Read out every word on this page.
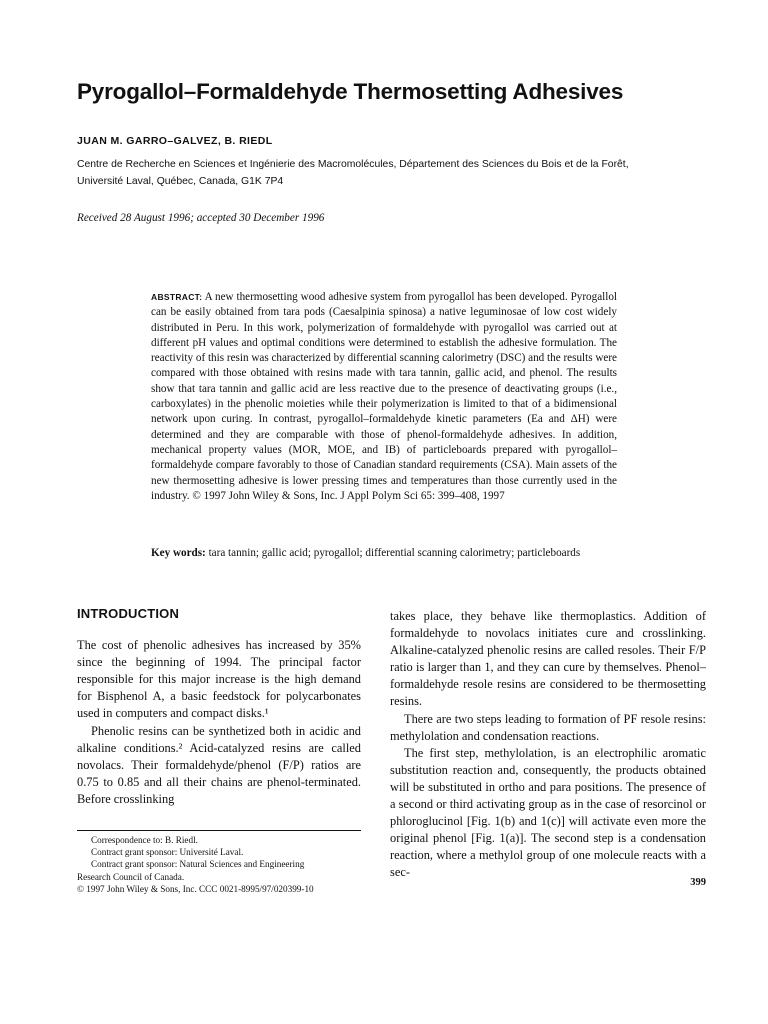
Pyrogallol–Formaldehyde Thermosetting Adhesives
JUAN M. GARRO–GALVEZ, B. RIEDL
Centre de Recherche en Sciences et Ingénierie des Macromolécules, Département des Sciences du Bois et de la Forêt,
Université Laval, Québec, Canada, G1K 7P4
Received 28 August 1996; accepted 30 December 1996
ABSTRACT: A new thermosetting wood adhesive system from pyrogallol has been developed. Pyrogallol can be easily obtained from tara pods (Caesalpinia spinosa) a native leguminosae of low cost widely distributed in Peru. In this work, polymerization of formaldehyde with pyrogallol was carried out at different pH values and optimal conditions were determined to establish the adhesive formulation. The reactivity of this resin was characterized by differential scanning calorimetry (DSC) and the results were compared with those obtained with resins made with tara tannin, gallic acid, and phenol. The results show that tara tannin and gallic acid are less reactive due to the presence of deactivating groups (i.e., carboxylates) in the phenolic moieties while their polymerization is limited to that of a bidimensional network upon curing. In contrast, pyrogallol–formaldehyde kinetic parameters (Ea and ΔH) were determined and they are comparable with those of phenol-formaldehyde adhesives. In addition, mechanical property values (MOR, MOE, and IB) of particleboards prepared with pyrogallol–formaldehyde compare favorably to those of Canadian standard requirements (CSA). Main assets of the new thermosetting adhesive is lower pressing times and temperatures than those currently used in the industry. © 1997 John Wiley & Sons, Inc. J Appl Polym Sci 65: 399–408, 1997
Key words: tara tannin; gallic acid; pyrogallol; differential scanning calorimetry; particleboards
INTRODUCTION

The cost of phenolic adhesives has increased by 35% since the beginning of 1994. The principal factor responsible for this major increase is the high demand for Bisphenol A, a basic feedstock for polycarbonates used in computers and compact disks.¹

Phenolic resins can be synthetized both in acidic and alkaline conditions.² Acid-catalyzed resins are called novolacs. Their formaldehyde/phenol (F/P) ratios are 0.75 to 0.85 and all their chains are phenol-terminated. Before crosslinking

takes place, they behave like thermoplastics. Addition of formaldehyde to novolacs initiates cure and crosslinking. Alkaline-catalyzed phenolic resins are called resoles. Their F/P ratio is larger than 1, and they can cure by themselves. Phenol–formaldehyde resole resins are considered to be thermosetting resins.

There are two steps leading to formation of PF resole resins: methylolation and condensation reactions.

The first step, methylolation, is an electrophilic aromatic substitution reaction and, consequently, the products obtained will be substituted in ortho and para positions. The presence of a second or third activating group as in the case of resorcinol or phloroglucinol [Fig. 1(b) and 1(c)] will activate even more the original phenol [Fig. 1(a)]. The second step is a condensation reaction, where a methylol group of one molecule reacts with a sec-

Correspondence to: B. Riedl.
Contract grant sponsor: Université Laval.
Contract grant sponsor: Natural Sciences and Engineering
Research Council of Canada.
© 1997 John Wiley & Sons, Inc. CCC 0021-8995/97/020399-10
399
